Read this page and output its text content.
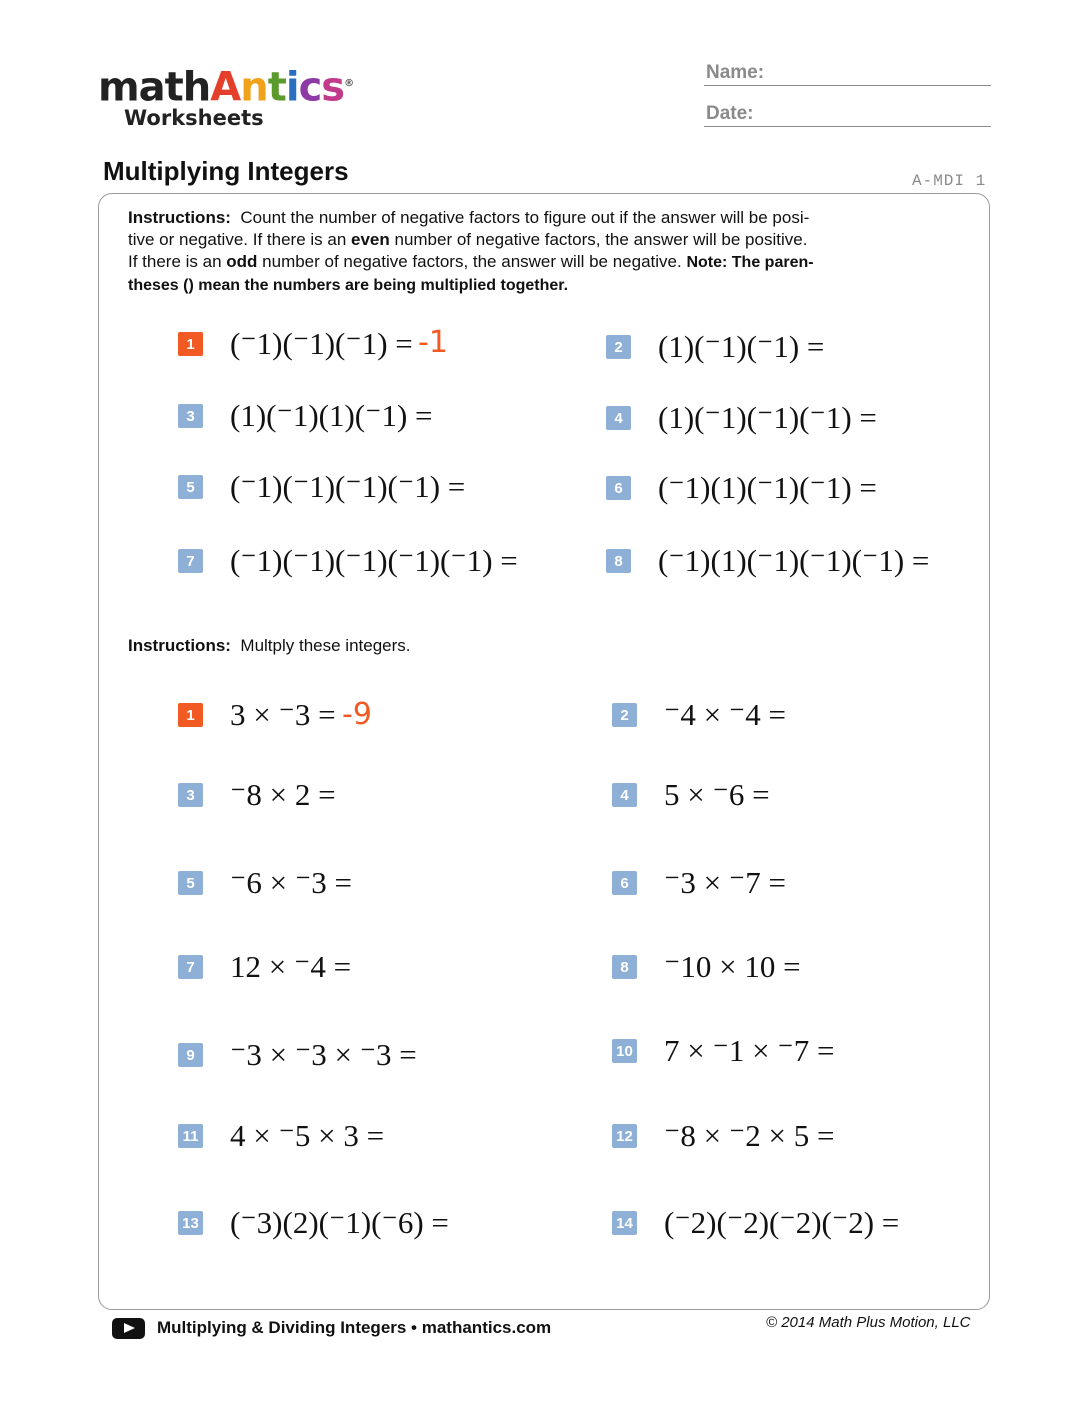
mathAntics®
Worksheets
Name:
Date:
Multiplying Integers	A-MDI 1
Instructions: Count the number of negative factors to figure out if the answer will be posi-
tive or negative. If there is an even number of negative factors, the answer will be positive.
If there is an odd number of negative factors, the answer will be negative. Note: The paren-
theses () mean the numbers are being multiplied together.
1 (⁻1)(⁻1)(⁻1) = -1	2 (1)(⁻1)(⁻1) =
3 (1)(⁻1)(1)(⁻1) =	4 (1)(⁻1)(⁻1)(⁻1) =
5 (⁻1)(⁻1)(⁻1)(⁻1) =	6 (⁻1)(1)(⁻1)(⁻1) =
7 (⁻1)(⁻1)(⁻1)(⁻1)(⁻1) =	8 (⁻1)(1)(⁻1)(⁻1)(⁻1) =
Instructions: Multply these integers.
1 3 × ⁻3 = -9	2 ⁻4 × ⁻4 =
3 ⁻8 × 2 =	4 5 × ⁻6 =
5 ⁻6 × ⁻3 =	6 ⁻3 × ⁻7 =
7 12 × ⁻4 =	8 ⁻10 × 10 =
9 ⁻3 × ⁻3 × ⁻3 =	10 7 × ⁻1 × ⁻7 =
11 4 × ⁻5 × 3 =	12 ⁻8 × ⁻2 × 5 =
13 (⁻3)(2)(⁻1)(⁻6) =	14 (⁻2)(⁻2)(⁻2)(⁻2) =
Multiplying & Dividing Integers • mathantics.com	© 2014 Math Plus Motion, LLC
